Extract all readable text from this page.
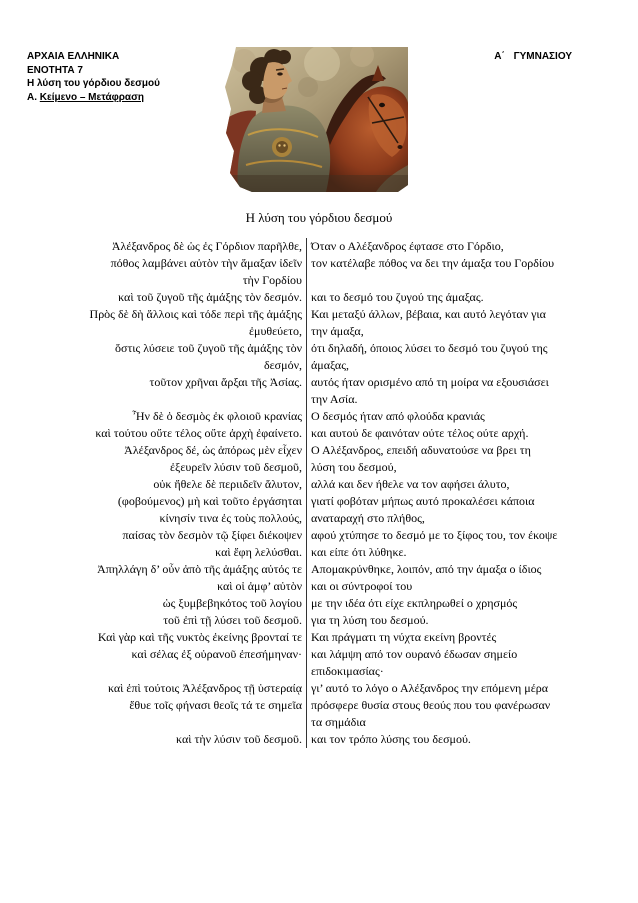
ΑΡΧΑΙΑ ΕΛΛΗΝΙΚΑ
ΕΝΟΤΗΤΑ 7
Η λύση του γόρδιου δεσμού
Α. Κείμενο – Μετάφραση
Α΄ ΓΥΜΝΑΣΙΟΥ
Η λύση του γόρδιου δεσμού
Ἀλέξανδρος δὲ ὡς ἐς Γόρδιον παρῆλθε, Όταν ο Αλέξανδρος έφτασε στο Γόρδιο,
πόθος λαμβάνει αὐτὸν τὴν ἅμαξαν ἰδεῖν
τὴν Γορδίου
τον κατέλαβε πόθος να δει την άμαξα του Γορδίου
καὶ τοῦ ζυγοῦ τῆς ἁμάξης τὸν δεσμόν. και το δεσμό του ζυγού της άμαξας.
Πρὸς δὲ δὴ ἄλλοις καὶ τόδε περὶ τῆς ἁμάξης
ἐμυθεύετο,
Και μεταξύ άλλων, βέβαια, και αυτό λεγόταν για
την άμαξα,
ὅστις λύσειε τοῦ ζυγοῦ τῆς ἁμάξης τὸν
δεσμόν,
ότι δηλαδή, όποιος λύσει το δεσμό του ζυγού της
άμαξας,
τοῦτον χρῆναι ἄρξαι τῆς Ἀσίας. αυτός ήταν ορισμένο από τη μοίρα να εξουσιάσει
την Ασία.
Ἦν δὲ ὁ δεσμὸς ἐκ φλοιοῦ κρανίας Ο δεσμός ήταν από φλούδα κρανιάς
καὶ τούτου οὔτε τέλος οὔτε ἀρχὴ ἐφαίνετο. και αυτού δε φαινόταν ούτε τέλος ούτε αρχή.
Ἀλέξανδρος δέ, ὡς ἀπόρως μὲν εἶχεν
ἐξευρεῖν λύσιν τοῦ δεσμοῦ,
Ο Αλέξανδρος, επειδή αδυνατούσε να βρει τη
λύση του δεσμού,
οὐκ ἤθελε δὲ περιιδεῖν ἄλυτον, αλλά και δεν ήθελε να τον αφήσει άλυτο,
(φοβούμενος) μὴ καὶ τοῦτο ἐργάσηται
κίνησίν τινα ἐς τοὺς πολλούς,
γιατί φοβόταν μήπως αυτό προκαλέσει κάποια
αναταραχή στο πλήθος,
παίσας τὸν δεσμὸν τῷ ξίφει διέκοψεν
καὶ ἔφη λελύσθαι.
αφού χτύπησε το δεσμό με το ξίφος του, τον έκοψε
και είπε ότι λύθηκε.
Ἀπηλλάγη δ’ οὖν ἀπὸ τῆς ἁμάξης αὐτός τε
καὶ οἱ ἀμφ’ αὐτὸν
Απομακρύνθηκε, λοιπόν, από την άμαξα ο ίδιος
και οι σύντροφοί του
ὡς ξυμβεβηκότος τοῦ λογίου
τοῦ ἐπὶ τῇ λύσει τοῦ δεσμοῦ.
με την ιδέα ότι είχε εκπληρωθεί ο χρησμός
για τη λύση του δεσμού.
Καὶ γὰρ καὶ τῆς νυκτὸς ἐκείνης βρονταί τε
καὶ σέλας ἐξ οὐρανοῦ ἐπεσήμηναν·
Και πράγματι τη νύχτα εκείνη βροντές
και λάμψη από τον ουρανό έδωσαν σημείο
επιδοκιμασίας·
καὶ ἐπὶ τούτοις Ἀλέξανδρος τῇ ὑστεραίᾳ γι’ αυτό το λόγο ο Αλέξανδρος την επόμενη μέρα
ἔθυε τοῖς φήνασι θεοῖς τά τε σημεῖα πρόσφερε θυσία στους θεούς που του φανέρωσαν
τα σημάδια
καὶ τὴν λύσιν τοῦ δεσμοῦ. και τον τρόπο λύσης του δεσμού.
